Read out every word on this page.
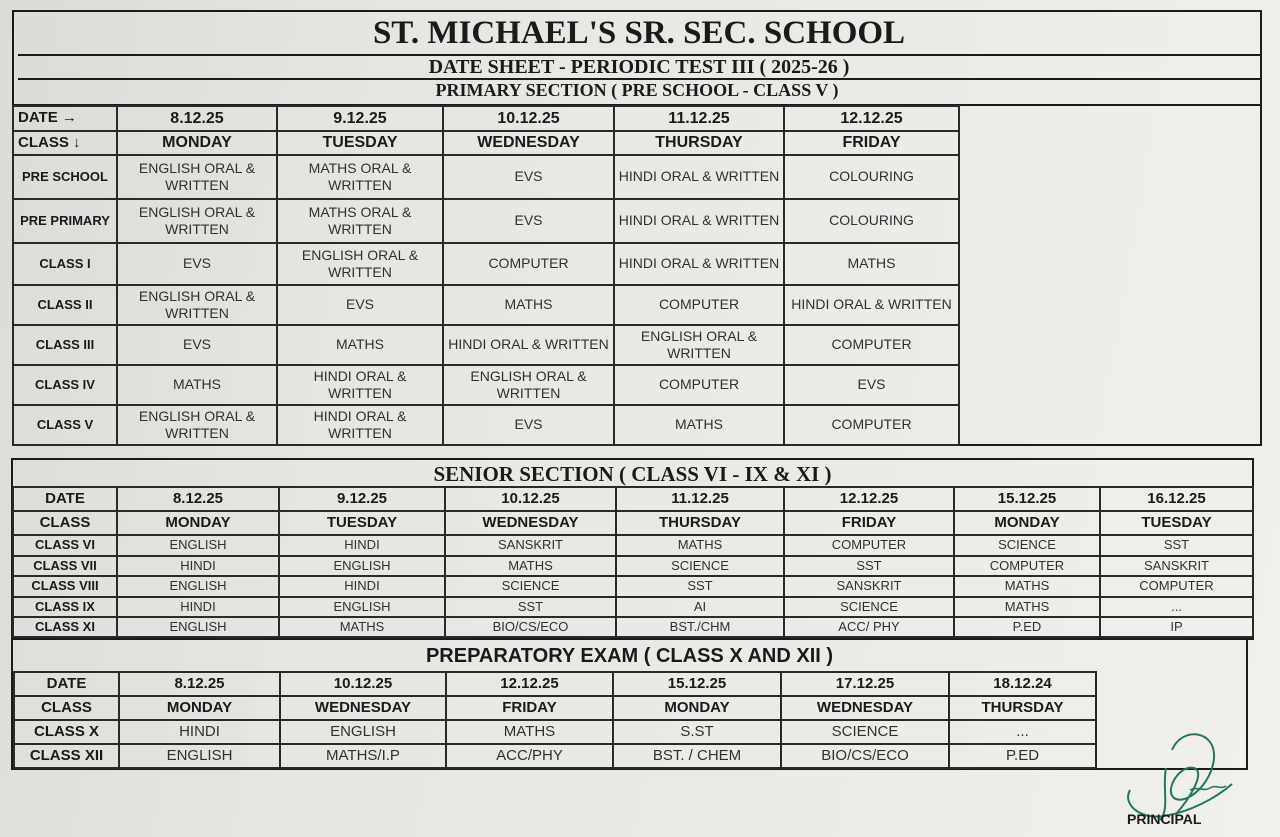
ST. MICHAEL'S SR. SEC. SCHOOL
DATE SHEET - PERIODIC TEST III ( 2025-26 )
PRIMARY SECTION ( PRE SCHOOL - CLASS V )
DATE →	8.12.25	9.12.25	10.12.25	11.12.25	12.12.25
CLASS ↓	MONDAY	TUESDAY	WEDNESDAY	THURSDAY	FRIDAY
PRE SCHOOL	ENGLISH ORAL & WRITTEN	MATHS ORAL & WRITTEN	EVS	HINDI ORAL & WRITTEN	COLOURING
PRE PRIMARY	ENGLISH ORAL & WRITTEN	MATHS ORAL & WRITTEN	EVS	HINDI ORAL & WRITTEN	COLOURING
CLASS I	EVS	ENGLISH ORAL & WRITTEN	COMPUTER	HINDI ORAL & WRITTEN	MATHS
CLASS II	ENGLISH ORAL & WRITTEN	EVS	MATHS	COMPUTER	HINDI ORAL & WRITTEN
CLASS III	EVS	MATHS	HINDI ORAL & WRITTEN	ENGLISH ORAL & WRITTEN	COMPUTER
CLASS IV	MATHS	HINDI ORAL & WRITTEN	ENGLISH ORAL & WRITTEN	COMPUTER	EVS
CLASS V	ENGLISH ORAL & WRITTEN	HINDI ORAL & WRITTEN	EVS	MATHS	COMPUTER
SENIOR SECTION ( CLASS VI - IX & XI )
DATE	8.12.25	9.12.25	10.12.25	11.12.25	12.12.25	15.12.25	16.12.25
CLASS	MONDAY	TUESDAY	WEDNESDAY	THURSDAY	FRIDAY	MONDAY	TUESDAY
CLASS VI	ENGLISH	HINDI	SANSKRIT	MATHS	COMPUTER	SCIENCE	SST
CLASS VII	HINDI	ENGLISH	MATHS	SCIENCE	SST	COMPUTER	SANSKRIT
CLASS VIII	ENGLISH	HINDI	SCIENCE	SST	SANSKRIT	MATHS	COMPUTER
CLASS IX	HINDI	ENGLISH	SST	AI	SCIENCE	MATHS	...
CLASS XI	ENGLISH	MATHS	BIO/CS/ECO	BST./CHM	ACC/ PHY	P.ED	IP
PREPARATORY EXAM ( CLASS X AND XII )
DATE	8.12.25	10.12.25	12.12.25	15.12.25	17.12.25	18.12.24
CLASS	MONDAY	WEDNESDAY	FRIDAY	MONDAY	WEDNESDAY	THURSDAY
CLASS X	HINDI	ENGLISH	MATHS	S.ST	SCIENCE	...
CLASS XII	ENGLISH	MATHS/I.P	ACC/PHY	BST. / CHEM	BIO/CS/ECO	P.ED
PRINCIPAL
